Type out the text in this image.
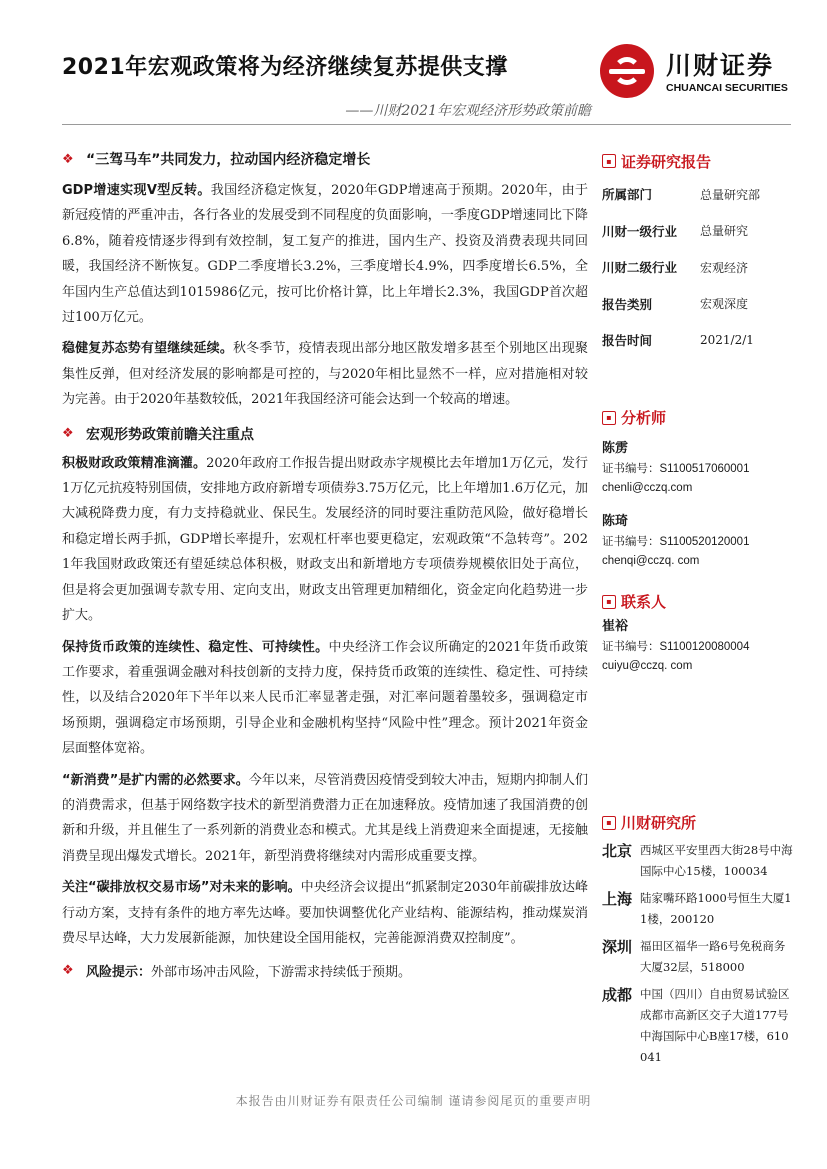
2021年宏观政策将为经济继续复苏提供支撑
——川财2021年宏观经济形势政策前瞻
川财证券
CHUANCAI SECURITIES
❖ “三驾马车”共同发力，拉动国内经济稳定增长
GDP增速实现V型反转。我国经济稳定恢复，2020年GDP增速高于预期。2020年，由于新冠疫情的严重冲击，各行各业的发展受到不同程度的负面影响，一季度GDP增速同比下降6.8%，随着疫情逐步得到有效控制，复工复产的推进，国内生产、投资及消费表现共同回暖，我国经济不断恢复。GDP二季度增长3.2%，三季度增长4.9%，四季度增长6.5%，全年国内生产总值达到1015986亿元，按可比价格计算，比上年增长2.3%，我国GDP首次超过100万亿元。
稳健复苏态势有望继续延续。秋冬季节，疫情表现出部分地区散发增多甚至个别地区出现聚集性反弹，但对经济发展的影响都是可控的，与2020年相比显然不一样，应对措施相对较为完善。由于2020年基数较低，2021年我国经济可能会达到一个较高的增速。
❖ 宏观形势政策前瞻关注重点
积极财政政策精准滴灌。2020年政府工作报告提出财政赤字规模比去年增加1万亿元，发行1万亿元抗疫特别国债，安排地方政府新增专项债券3.75万亿元，比上年增加1.6万亿元，加大减税降费力度，有力支持稳就业、保民生。发展经济的同时要注重防范风险，做好稳增长和稳定增长两手抓，GDP增长率提升，宏观杠杆率也要更稳定，宏观政策“不急转弯”。2021年我国财政政策还有望延续总体积极，财政支出和新增地方专项债券规模依旧处于高位，但是将会更加强调专款专用、定向支出，财政支出管理更加精细化，资金定向化趋势进一步扩大。
保持货币政策的连续性、稳定性、可持续性。中央经济工作会议所确定的2021年货币政策工作要求，着重强调金融对科技创新的支持力度，保持货币政策的连续性、稳定性、可持续性，以及结合2020年下半年以来人民币汇率显著走强，对汇率问题着墨较多，强调稳定市场预期，强调稳定市场预期，引导企业和金融机构坚持“风险中性”理念。预计2021年资金层面整体宽裕。
“新消费”是扩内需的必然要求。今年以来，尽管消费因疫情受到较大冲击，短期内抑制人们的消费需求，但基于网络数字技术的新型消费潜力正在加速释放。疫情加速了我国消费的创新和升级，并且催生了一系列新的消费业态和模式。尤其是线上消费迎来全面提速，无接触消费呈现出爆发式增长。2021年，新型消费将继续对内需形成重要支撑。
关注“碳排放权交易市场”对未来的影响。中央经济会议提出“抓紧制定2030年前碳排放达峰行动方案，支持有条件的地方率先达峰。要加快调整优化产业结构、能源结构，推动煤炭消费尽早达峰，大力发展新能源，加快建设全国用能权，完善能源消费双控制度”。
❖ 风险提示： 外部市场冲击风险，下游需求持续低于预期。
▪ 证券研究报告
所属部门	总量研究部
川财一级行业	总量研究
川财二级行业	宏观经济
报告类别	宏观深度
报告时间	2021/2/1
▪ 分析师
陈雳
证书编号：S1100517060001
chenli@cczq.com
陈琦
证书编号：S1100520120001
chenqi@cczq. com
▪ 联系人
崔裕
证书编号：S1100120080004
cuiyu@cczq. com
▪ 川财研究所
北京 西城区平安里西大街28号中海国际中心15楼，100034
上海 陆家嘴环路1000号恒生大厦11楼，200120
深圳 福田区福华一路6号免税商务大厦32层，518000
成都 中国（四川）自由贸易试验区成都市高新区交子大道177号中海国际中心B座17楼，610041
本报告由川财证券有限责任公司编制 谨请参阅尾页的重要声明
